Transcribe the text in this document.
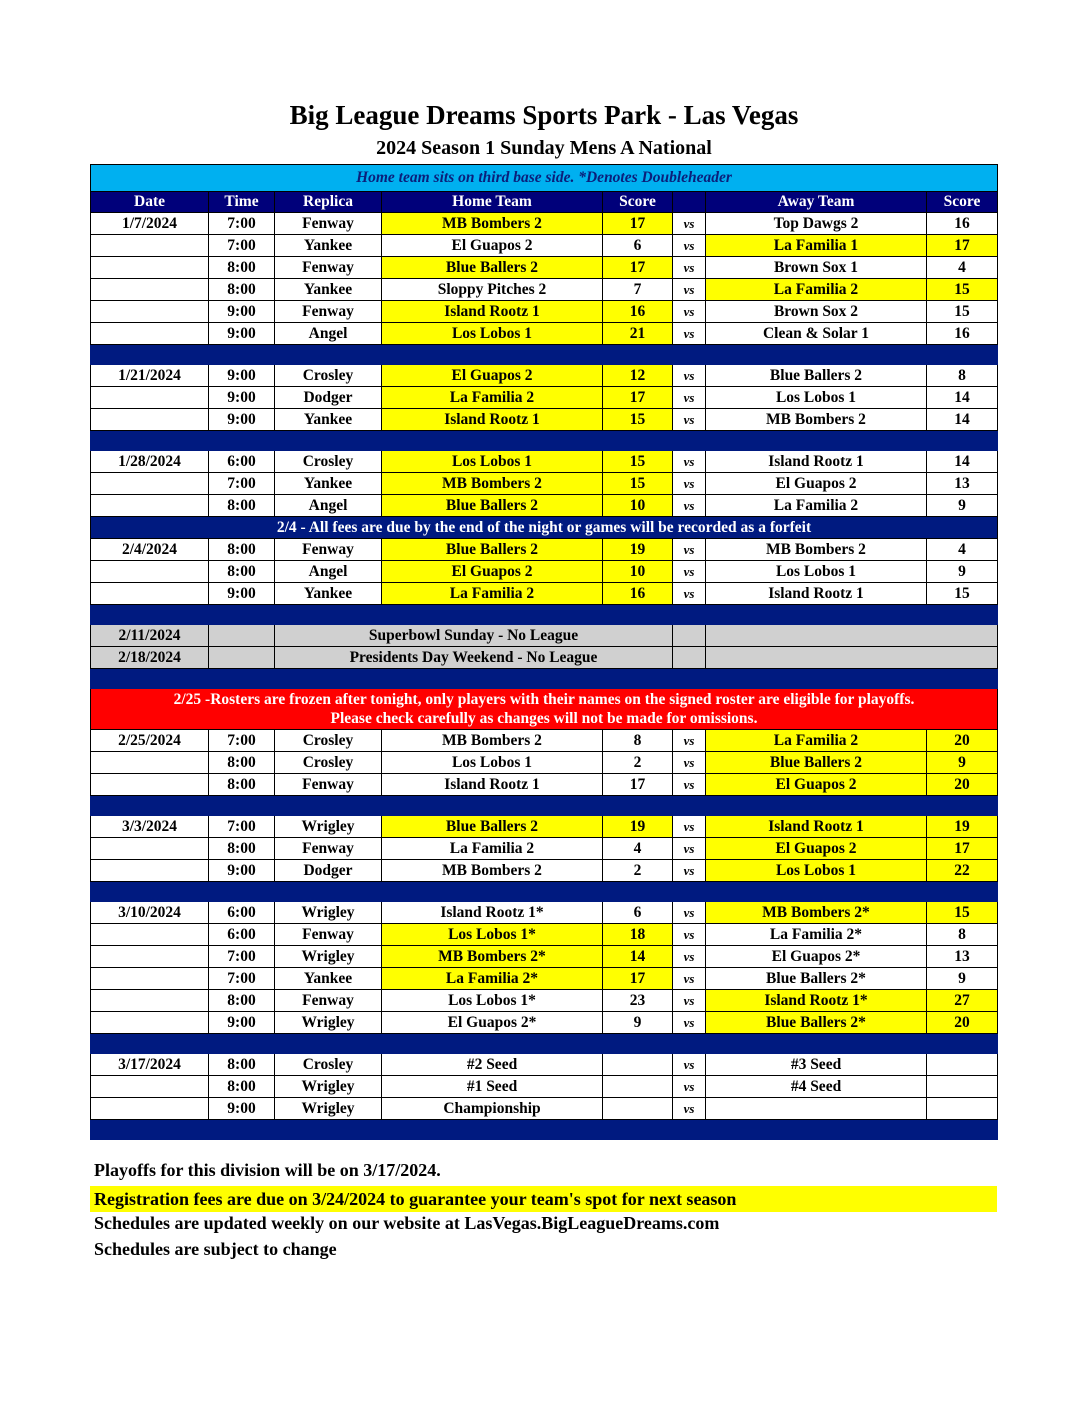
Big League Dreams Sports Park - Las Vegas
2024 Season 1 Sunday Mens A National
Home team sits on third base side. *Denotes Doubleheader							
Date	Time	Replica	Home Team	Score		Away Team	Score
1/7/2024	7:00	Fenway	MB Bombers 2	17	vs	Top Dawgs 2	16
	7:00	Yankee	El Guapos 2	6	vs	La Familia 1	17
	8:00	Fenway	Blue Ballers 2	17	vs	Brown Sox 1	4
	8:00	Yankee	Sloppy Pitches 2	7	vs	La Familia 2	15
	9:00	Fenway	Island Rootz 1	16	vs	Brown Sox 2	15
	9:00	Angel	Los Lobos 1	21	vs	Clean & Solar 1	16

1/21/2024	9:00	Crosley	El Guapos 2	12	vs	Blue Ballers 2	8
	9:00	Dodger	La Familia 2	17	vs	Los Lobos 1	14
	9:00	Yankee	Island Rootz 1	15	vs	MB Bombers 2	14

1/28/2024	6:00	Crosley	Los Lobos 1	15	vs	Island Rootz 1	14
	7:00	Yankee	MB Bombers 2	15	vs	El Guapos 2	13
	8:00	Angel	Blue Ballers 2	10	vs	La Familia 2	9
2/4 - All fees are due by the end of the night or games will be recorded as a forfeit							
2/4/2024	8:00	Fenway	Blue Ballers 2	19	vs	MB Bombers 2	4
	8:00	Angel	El Guapos 2	10	vs	Los Lobos 1	9
	9:00	Yankee	La Familia 2	16	vs	Island Rootz 1	15

2/11/2024		Superbowl Sunday - No League					
2/18/2024		Presidents Day Weekend - No League					

2/25 -Rosters are frozen after tonight, only players with their names on the signed roster are eligible for playoffs.
Please check carefully as changes will not be made for omissions.							

2/25/2024	7:00	Crosley	MB Bombers 2	8	vs	La Familia 2	20
	8:00	Crosley	Los Lobos 1	2	vs	Blue Ballers 2	9
	8:00	Fenway	Island Rootz 1	17	vs	El Guapos 2	20

3/3/2024	7:00	Wrigley	Blue Ballers 2	19	vs	Island Rootz 1	19
	8:00	Fenway	La Familia 2	4	vs	El Guapos 2	17
	9:00	Dodger	MB Bombers 2	2	vs	Los Lobos 1	22

3/10/2024	6:00	Wrigley	Island Rootz 1*	6	vs	MB Bombers 2*	15
	6:00	Fenway	Los Lobos 1*	18	vs	La Familia 2*	8
	7:00	Wrigley	MB Bombers 2*	14	vs	El Guapos 2*	13
	7:00	Yankee	La Familia 2*	17	vs	Blue Ballers 2*	9
	8:00	Fenway	Los Lobos 1*	23	vs	Island Rootz 1*	27
	9:00	Wrigley	El Guapos 2*	9	vs	Blue Ballers 2*	20

3/17/2024	8:00	Crosley	#2 Seed		vs	#3 Seed	
	8:00	Wrigley	#1 Seed		vs	#4 Seed	
	9:00	Wrigley	Championship		vs		

Playoffs for this division will be on 3/17/2024.
Registration fees are due on 3/24/2024 to guarantee your team's spot for next season
Schedules are updated weekly on our website at LasVegas.BigLeagueDreams.com
Schedules are subject to change
